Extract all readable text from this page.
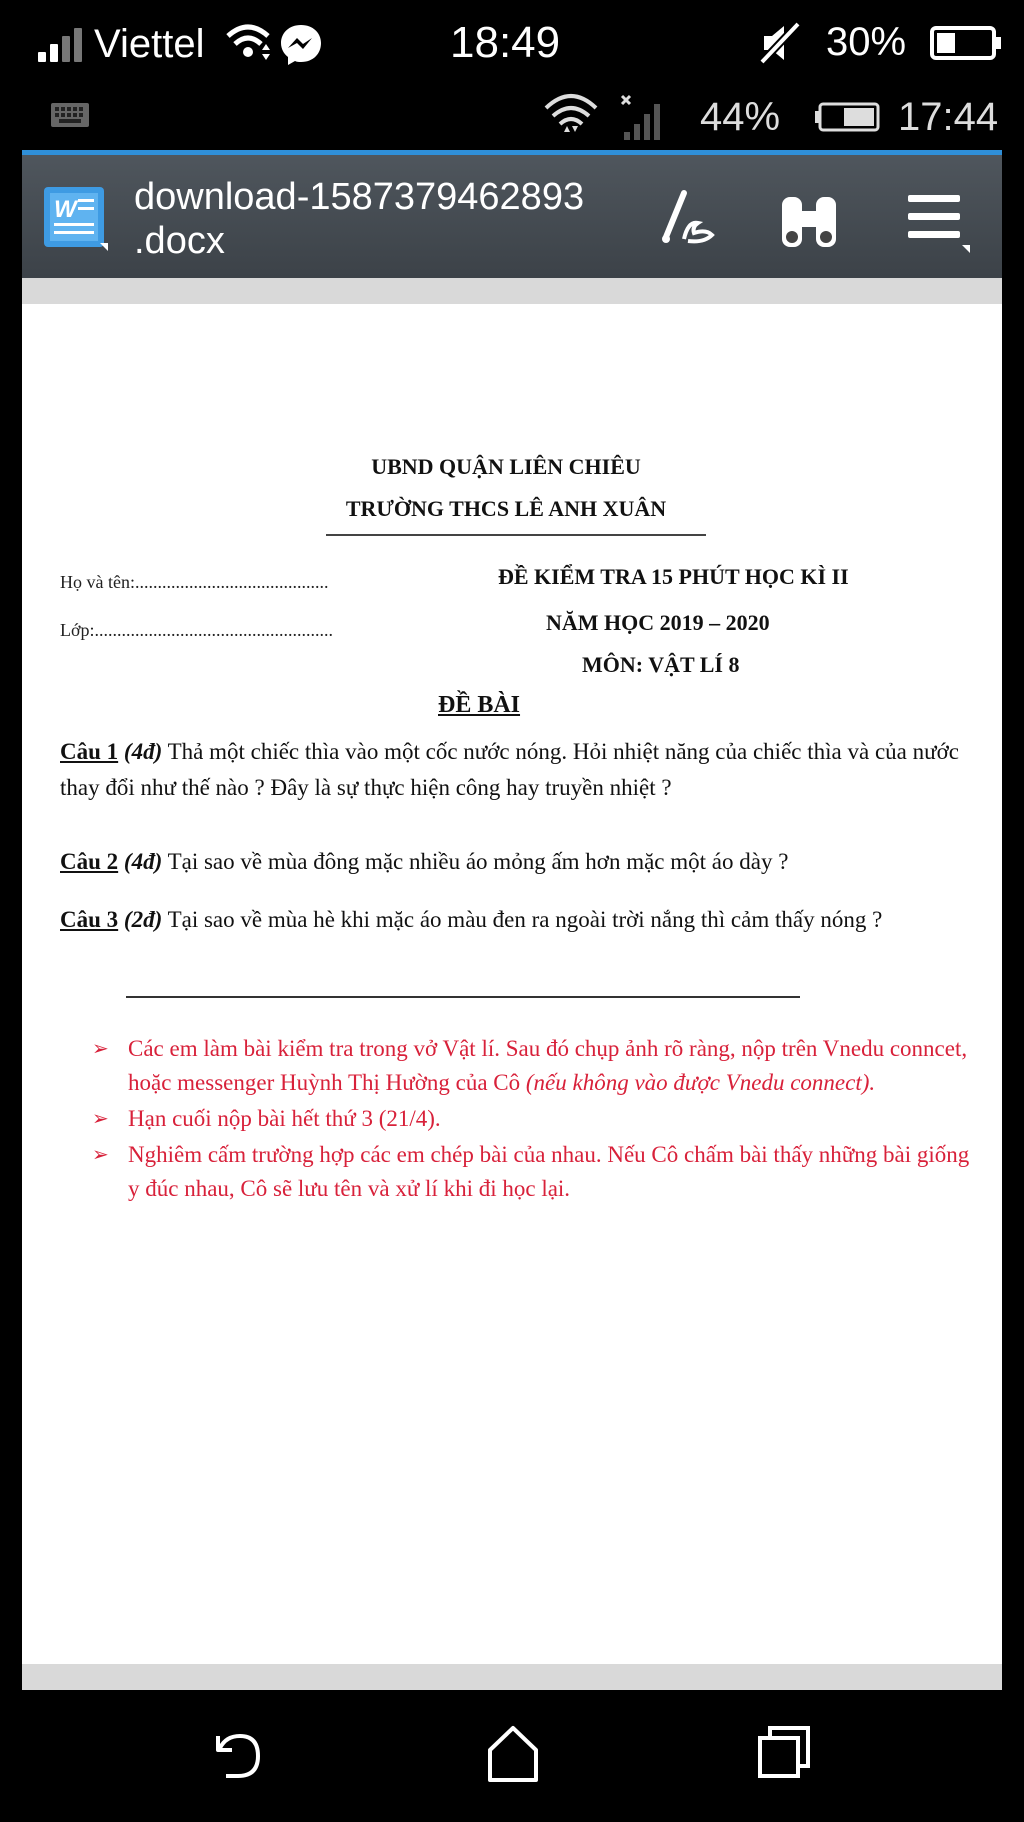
Viettel	18:49	30%
44%	17:44
W download-1587379462893
.docx
UBND QUẬN LIÊN CHIÊU
TRƯỜNG THCS LÊ ANH XUÂN
Họ và tên:...........................................
Lớp:.....................................................
ĐỀ KIỂM TRA 15 PHÚT HỌC KÌ II
NĂM HỌC 2019 – 2020
MÔN: VẬT LÍ 8
ĐỀ BÀI
Câu 1 (4đ) Thả một chiếc thìa vào một cốc nước nóng. Hỏi nhiệt năng của chiếc thìa và của nước thay đổi như thế nào ? Đây là sự thực hiện công hay truyền nhiệt ?
Câu 2 (4đ) Tại sao về mùa đông mặc nhiều áo mỏng ấm hơn mặc một áo dày ?
Câu 3 (2đ) Tại sao về mùa hè khi mặc áo màu đen ra ngoài trời nắng thì cảm thấy nóng ?
➢ Các em làm bài kiểm tra trong vở Vật lí. Sau đó chụp ảnh rõ ràng, nộp trên Vnedu conncet, hoặc messenger Huỳnh Thị Hường của Cô (nếu không vào được Vnedu connect).
➢ Hạn cuối nộp bài hết thứ 3 (21/4).
➢ Nghiêm cấm trường hợp các em chép bài của nhau. Nếu Cô chấm bài thấy những bài giống y đúc nhau, Cô sẽ lưu tên và xử lí khi đi học lại.
